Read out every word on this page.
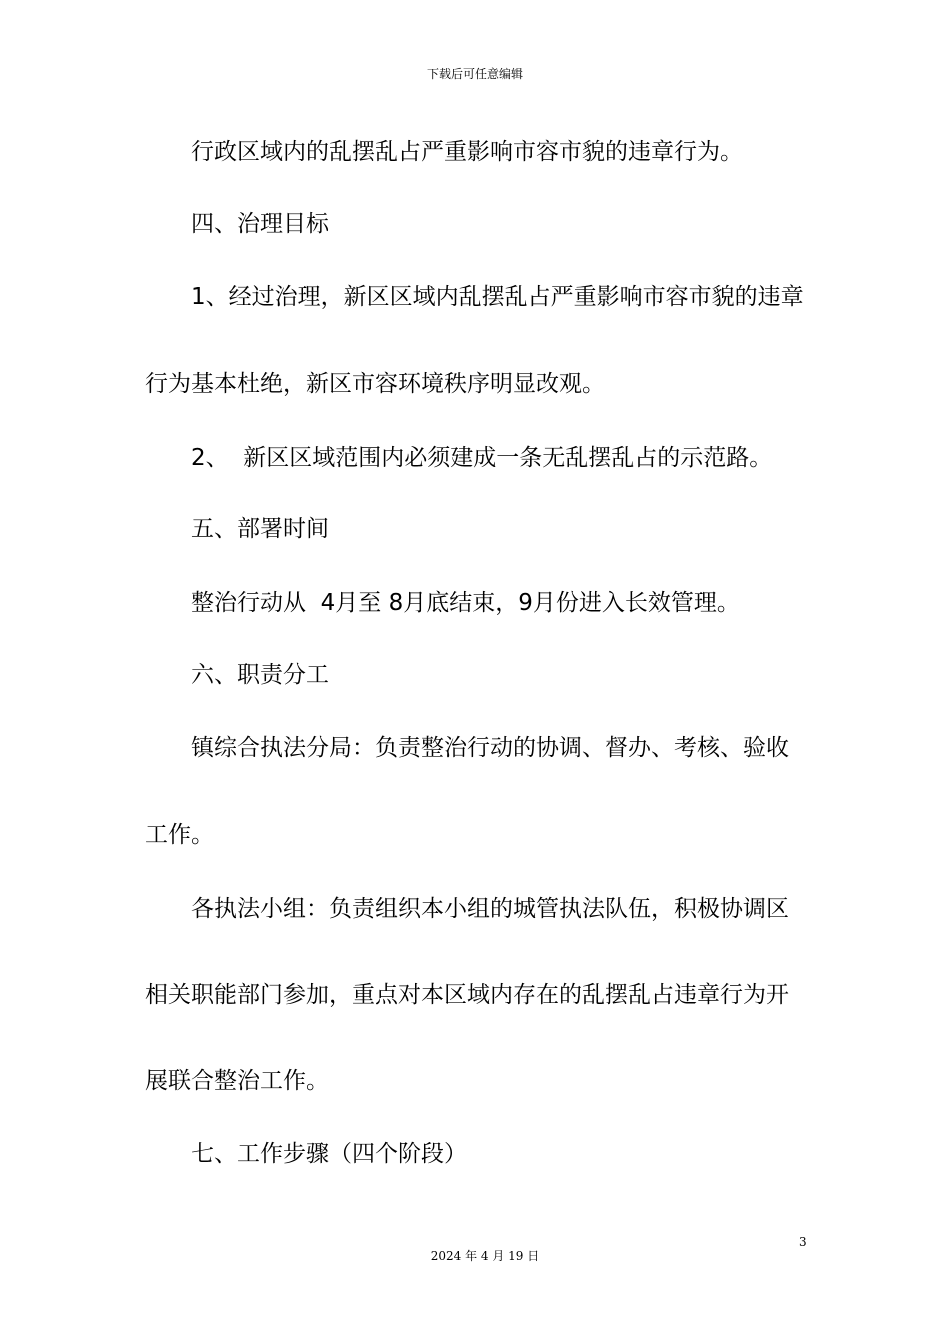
下载后可任意编辑
行政区域内的乱摆乱占严重影响市容市貌的违章行为。
四、治理目标
1、经过治理，新区区域内乱摆乱占严重影响市容市貌的违章
行为基本杜绝，新区市容环境秩序明显改观。
2、  新区区域范围内必须建成一条无乱摆乱占的示范路。
五、部署时间
整治行动从  4月至 8月底结束，9月份进入长效管理。
六、职责分工
镇综合执法分局：负责整治行动的协调、督办、考核、验收
工作。
各执法小组：负责组织本小组的城管执法队伍，积极协调区
相关职能部门参加，重点对本区域内存在的乱摆乱占违章行为开
展联合整治工作。
七、工作步骤（四个阶段）
3
2024 年 4 月 19 日
